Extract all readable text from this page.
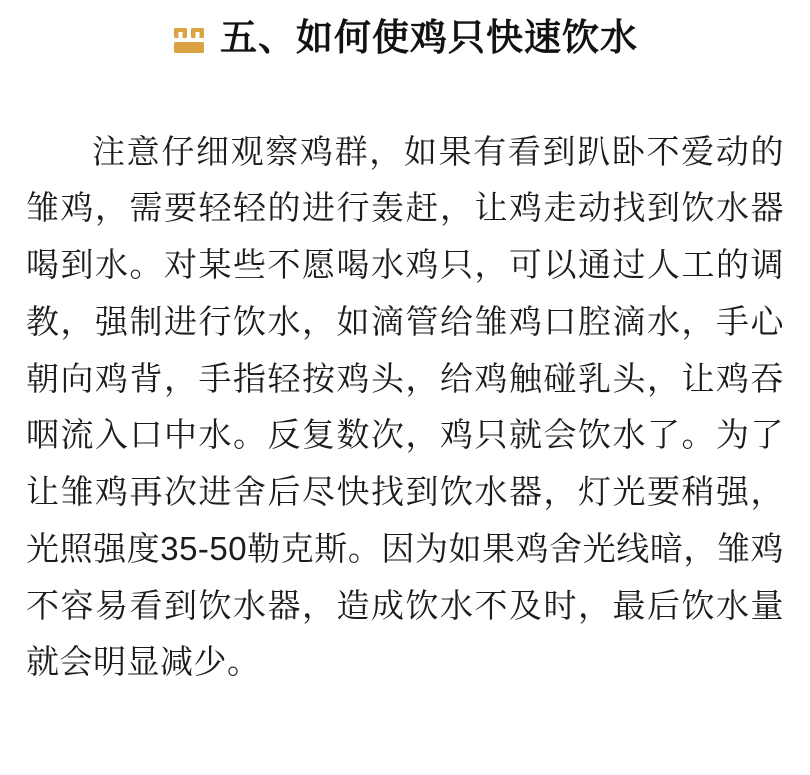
五、如何使鸡只快速饮水

注意仔细观察鸡群，如果有看到趴卧不爱动的雏鸡，需要轻轻的进行轰赶，让鸡走动找到饮水器喝到水。对某些不愿喝水鸡只，可以通过人工的调教，强制进行饮水，如滴管给雏鸡口腔滴水，手心朝向鸡背，手指轻按鸡头，给鸡触碰乳头，让鸡吞咽流入口中水。反复数次，鸡只就会饮水了。为了让雏鸡再次进舍后尽快找到饮水器，灯光要稍强，光照强度35-50勒克斯。因为如果鸡舍光线暗，雏鸡不容易看到饮水器，造成饮水不及时，最后饮水量就会明显减少。
